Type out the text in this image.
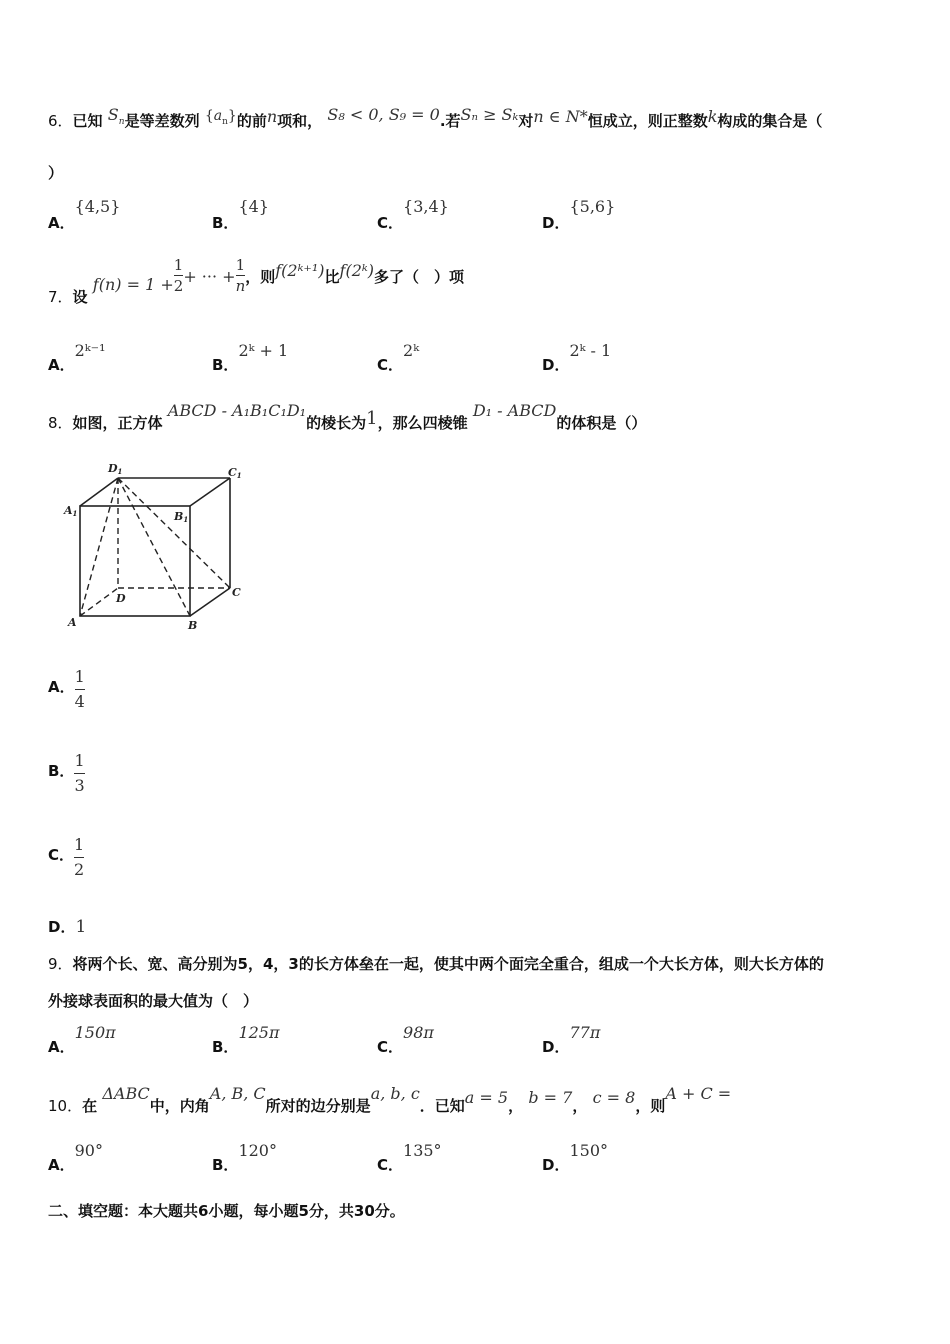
6．已知 $S_n$是等差数列 $\{a_n\}$的前n项和， S₈ < 0, S₉ = 0.若Sₙ ≥ Sₖ对n ∈ N*恒成立，则正整数k构成的集合是（
）
A．{4,5}
B．{4}
C．{3,4}
D．{5,6}
7．设 $f(n) = 1 +\frac{1}{2}+$ ··· $+\frac{1}{n}$，则f(2ᵏ⁺¹)比f(2ᵏ)多了（　）项
A．2ᵏ⁻¹
B．2ᵏ + 1
C．2ᵏ
D．2ᵏ - 1
8．如图，正方体 ABCD - A₁B₁C₁D₁的棱长为1，那么四棱锥 D₁ - ABCD的体积是（）
D1	C1
A1	B1
D	C
A	B
A．$\frac{1}{4}$
B．$\frac{1}{3}$
C．$\frac{1}{2}$
D．1
9．将两个长、宽、高分别为5，4，3的长方体垒在一起，使其中两个面完全重合，组成一个大长方体，则大长方体的
外接球表面积的最大值为（　）
A．150π
B．125π
C．98π
D．77π
10．在 ΔABC中，内角A, B, C所对的边分别是a, b, c．已知a = 5， b = 7， c = 8，则A + C =
A．90°
B．120°
C．135°
D．150°
二、填空题：本大题共6小题，每小题5分，共30分。
